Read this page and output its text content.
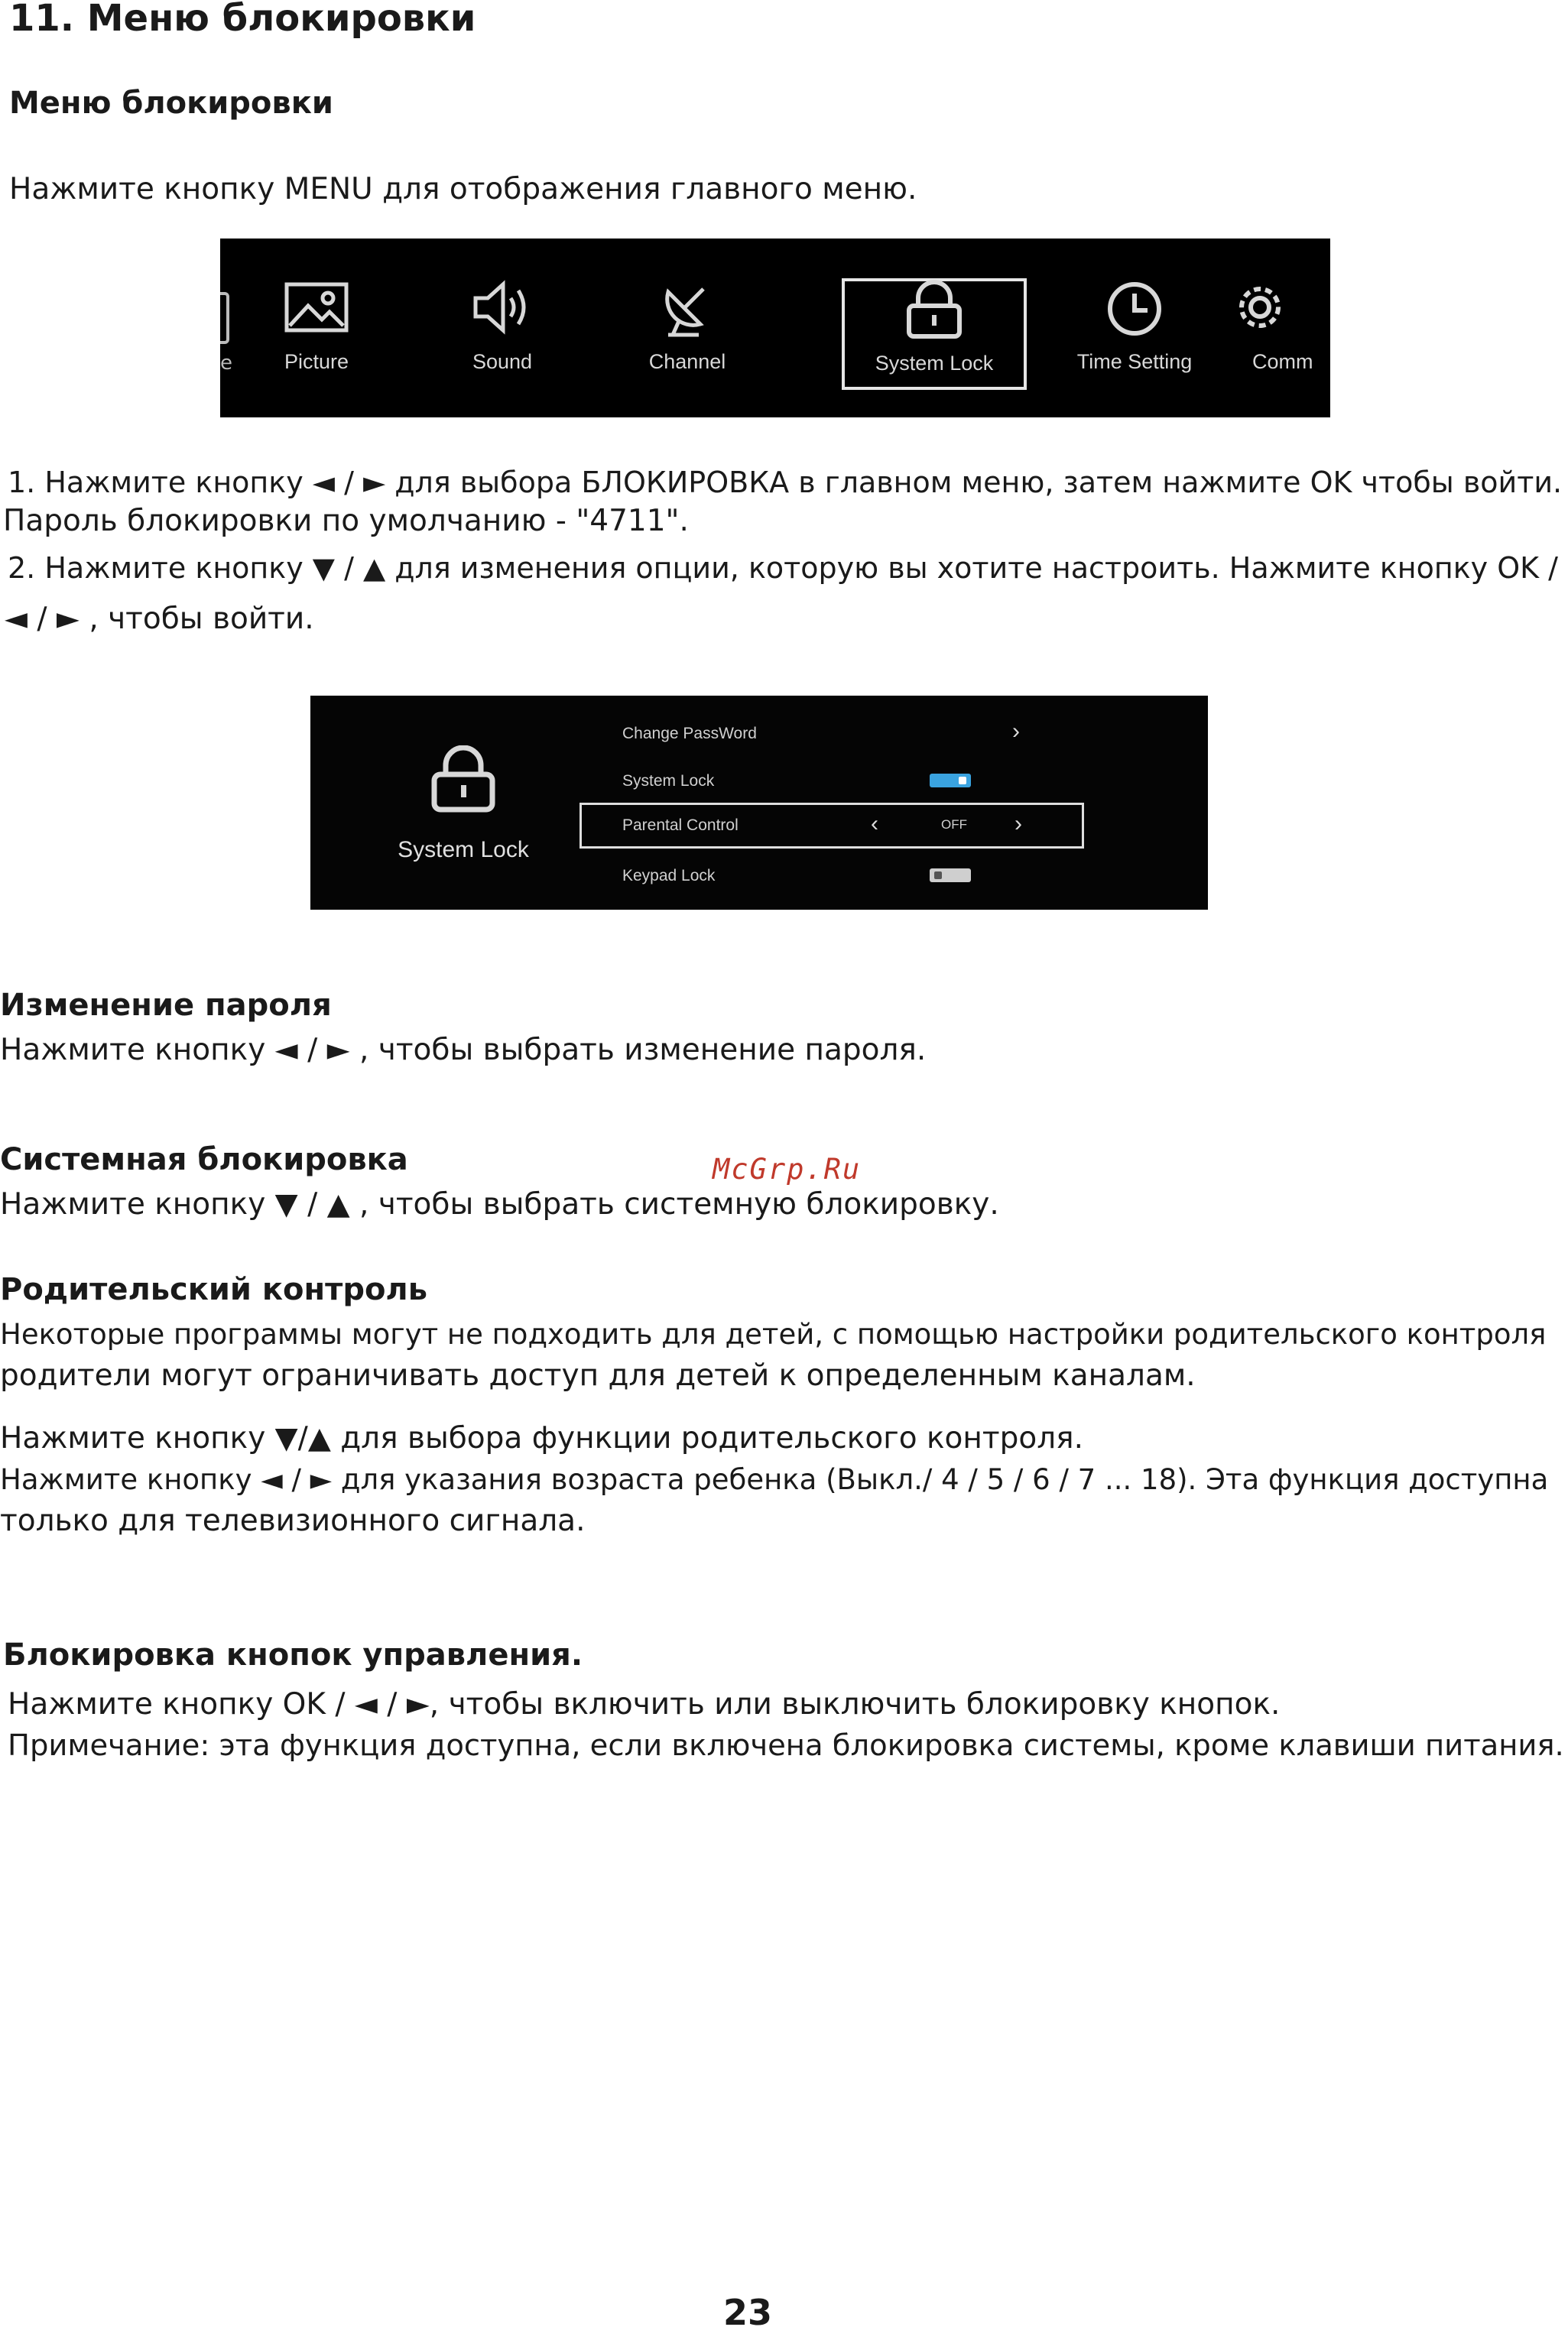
11. Меню блокировки
Меню блокировки
Нажмите кнопку MENU для отображения главного меню.
e	Picture	Sound	Channel	System Lock	Time Setting	Comm
1. Нажмите кнопку ◄ / ► для выбора БЛОКИРОВКА в главном меню, затем нажмите OK чтобы войти.
Пароль блокировки по умолчанию - "4711".
2. Нажмите кнопку ▼ / ▲ для изменения опции, которую вы хотите настроить. Нажмите кнопку OK /
◄ / ► , чтобы войти.
System Lock
Change PassWord	›
System Lock
Parental Control	‹	OFF ›
Keypad Lock
Изменение пароля
Нажмите кнопку ◄ / ► , чтобы выбрать изменение пароля.
Системная блокировка	McGrp.Ru
Нажмите кнопку ▼ / ▲ , чтобы выбрать системную блокировку.
Родительский контроль
Некоторые программы могут не подходить для детей, с помощью настройки родительского контроля
родители могут ограничивать доступ для детей к определенным каналам.
Нажмите кнопку ▼/▲ для выбора функции родительского контроля.
Нажмите кнопку ◄ / ► для указания возраста ребенка (Выкл./ 4 / 5 / 6 / 7 ... 18). Эта функция доступна
только для телевизионного сигнала.
Блокировка кнопок управления.
Нажмите кнопку OK / ◄ / ►, чтобы включить или выключить блокировку кнопок.
Примечание: эта функция доступна, если включена блокировка системы, кроме клавиши питания.
23
